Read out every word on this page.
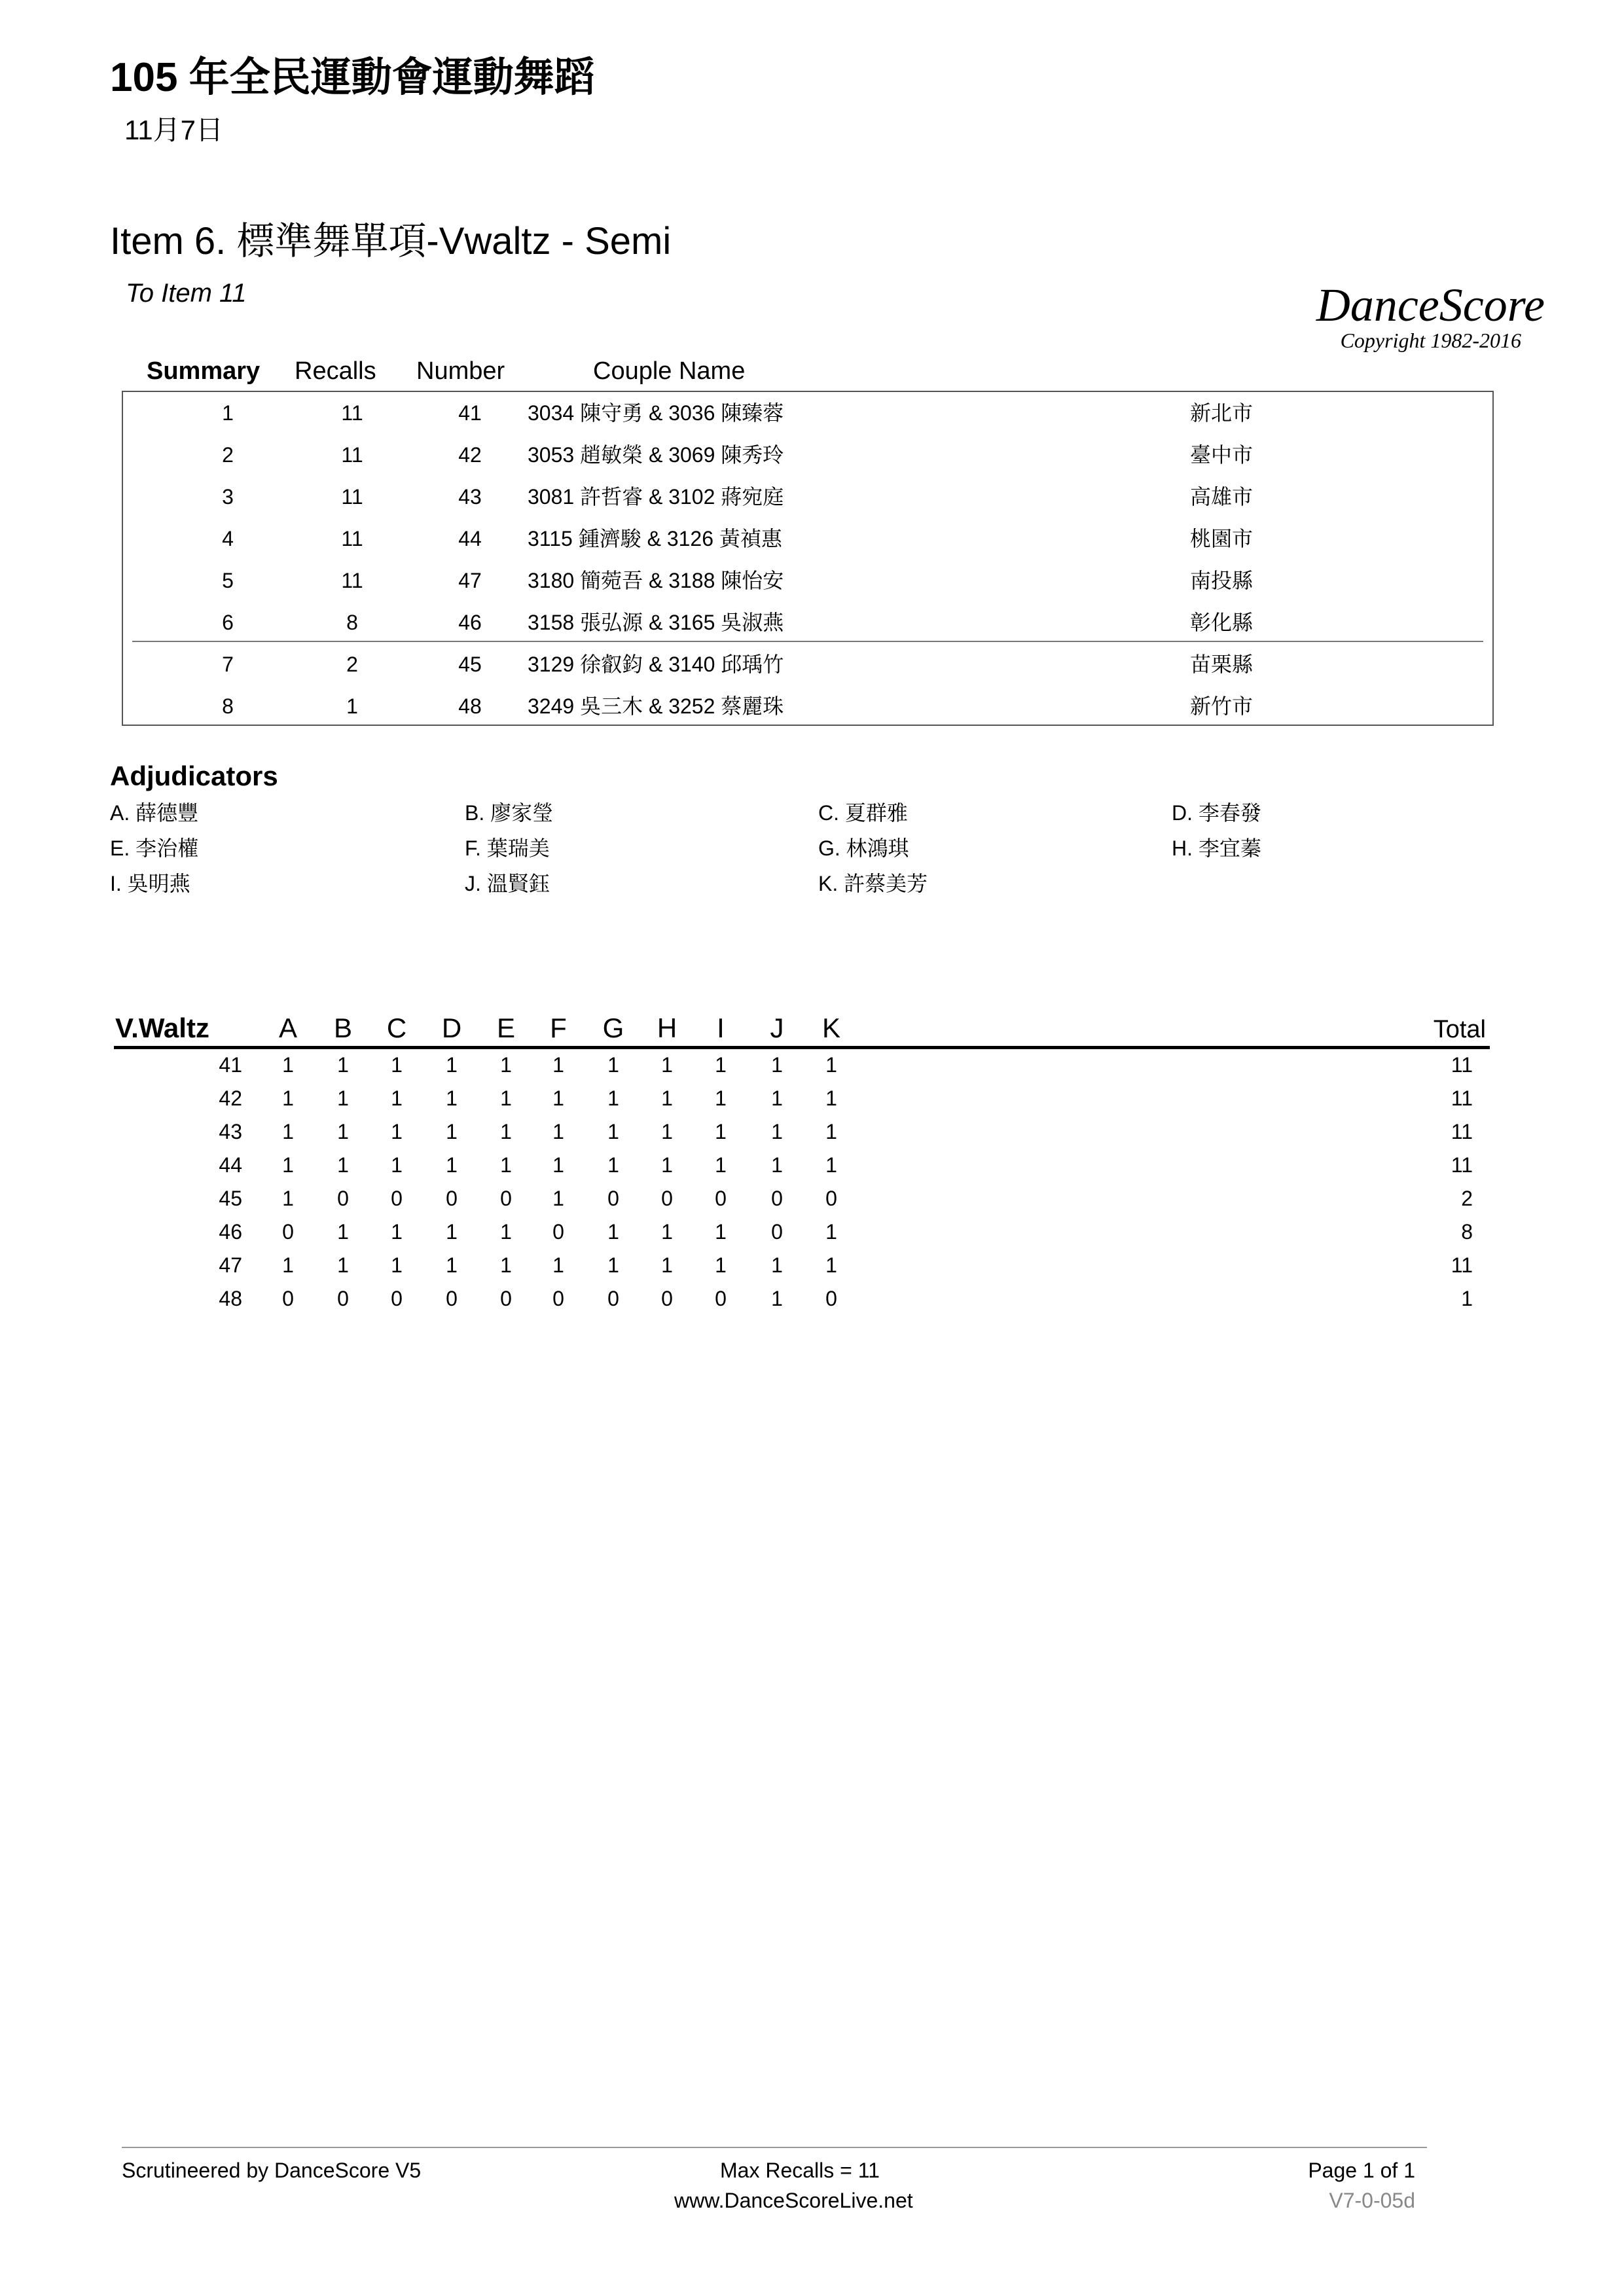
105 年全民運動會運動舞蹈
11月7日
Item 6. 標準舞單項-Vwaltz - Semi
To Item 11	DanceScore
Copyright 1982-2016
Summary Recalls Number	Couple Name
1	11	41	3034 陳守勇 & 3036 陳臻蓉	新北市
2	11	42	3053 趙敏榮 & 3069 陳秀玲	臺中市
3	11	43	3081 許哲睿 & 3102 蔣宛庭	高雄市
4	11	44	3115 鍾濟駿 & 3126 黃禎惠	桃園市
5	11	47	3180 簡菀吾 & 3188 陳怡安	南投縣
6	8	46	3158 張弘源 & 3165 吳淑燕	彰化縣
7	2	45	3129 徐叡鈞 & 3140 邱瑀竹	苗栗縣
8	1	48	3249 吳三木 & 3252 蔡麗珠	新竹市
Adjudicators
A. 薛德豐	B. 廖家瑩	C. 夏群雅	D. 李春發
E. 李治權	F. 葉瑞美	G. 林鴻琪	H. 李宜蓁
I. 吳明燕	J. 溫賢鈺	K. 許蔡美芳
V.Waltz	A	B	C	D	E	F	G	H	I	J	K	Total
41	1	1	1	1	1	1	1	1	1	1	1	11
42	1	1	1	1	1	1	1	1	1	1	1	11
43	1	1	1	1	1	1	1	1	1	1	1	11
44	1	1	1	1	1	1	1	1	1	1	1	11
45	1	0	0	0	0	1	0	0	0	0	0	2
46	0	1	1	1	1	0	1	1	1	0	1	8
47	1	1	1	1	1	1	1	1	1	1	1	11
48	0	0	0	0	0	0	0	0	0	1	0	1
Scrutineered by DanceScore V5	Max Recalls = 11
www.DanceScoreLive.net
Page 1 of 1
V7-0-05d
